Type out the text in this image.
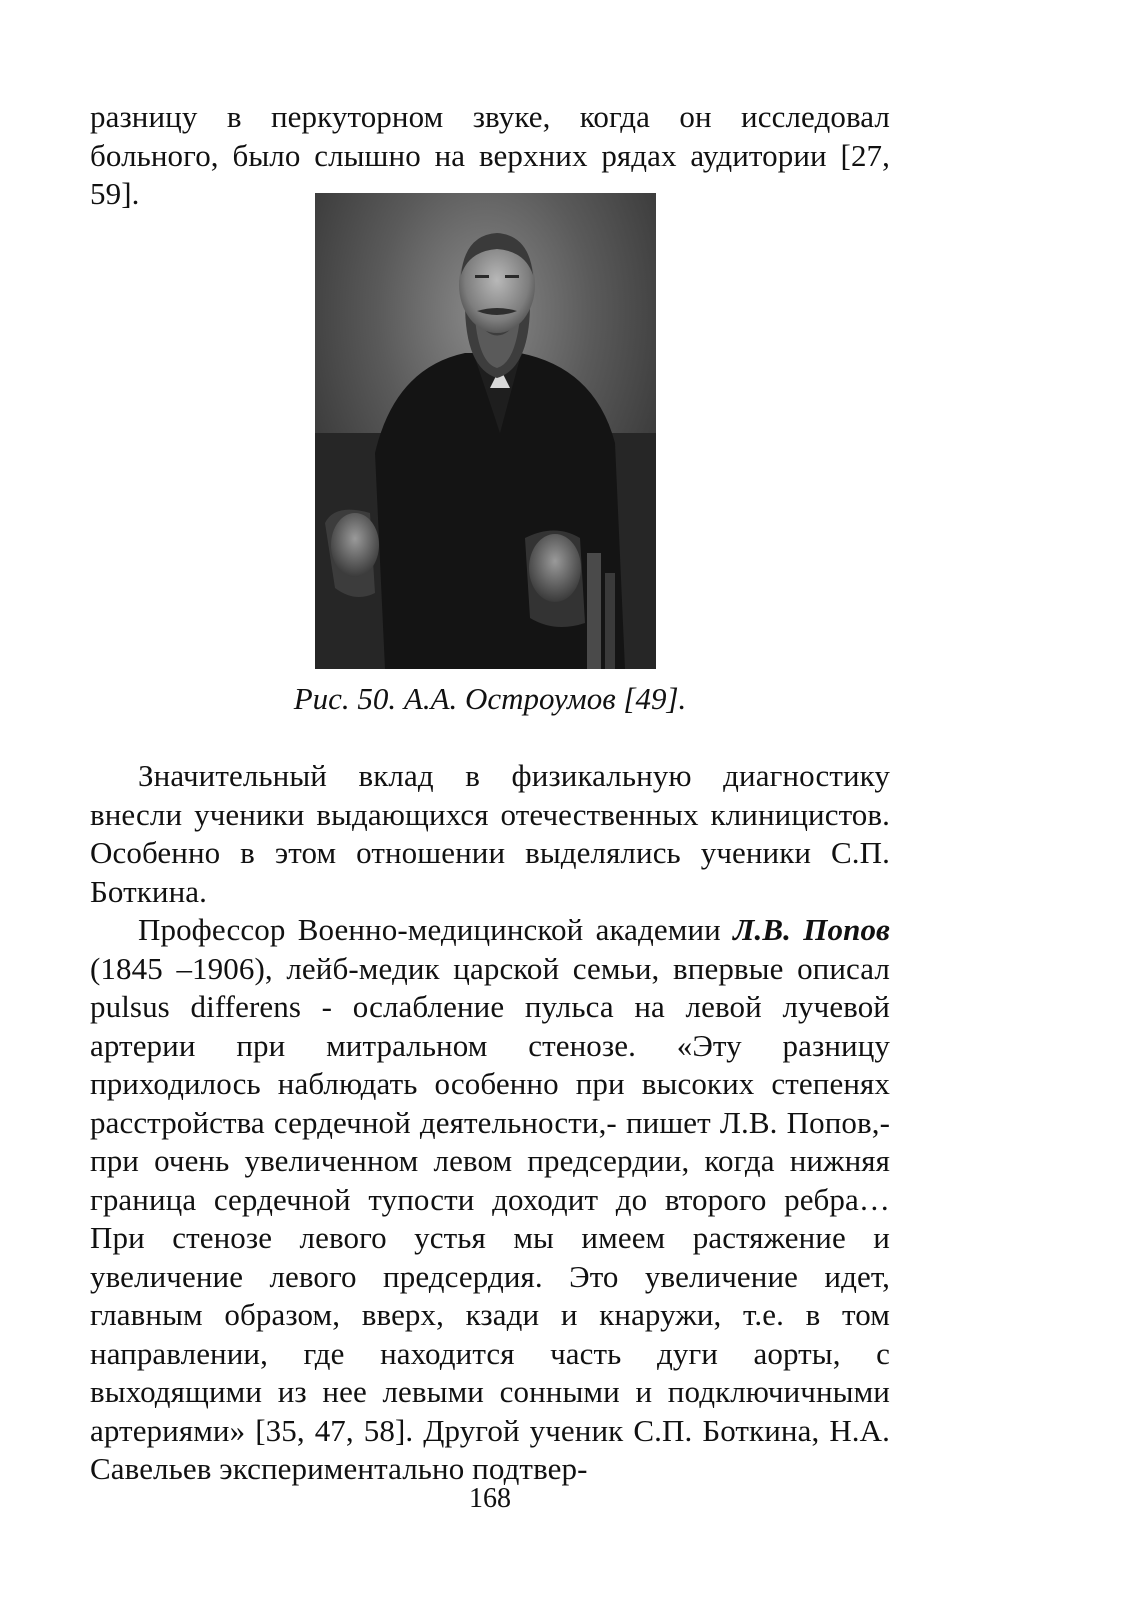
разницу в перкуторном звуке, когда он исследовал больного, было слышно на верхних рядах аудитории [27, 59].

Рис. 50. А.А. Остроумов [49].

Значительный вклад в физикальную диагностику внесли ученики выдающихся отечественных клиницистов. Особенно в этом отношении выделялись ученики С.П. Боткина.

Профессор Военно-медицинской академии Л.В. Попов (1845 –1906), лейб-медик царской семьи, впервые описал pulsus differens - ослабление пульса на левой лучевой артерии при митральном стенозе. «Эту разницу приходилось наблюдать особенно при высоких степенях расстройства сердечной деятельности,- пишет Л.В. Попов,- при очень увеличенном левом предсердии, когда нижняя граница сердечной тупости доходит до второго ребра… При стенозе левого устья мы имеем растяжение и увеличение левого предсердия. Это увеличение идет, главным образом, вверх, кзади и кнаружи, т.е. в том направлении, где находится часть дуги аорты, с выходящими из нее левыми сонными и подключичными артериями» [35, 47, 58]. Другой ученик С.П. Боткина, Н.А. Савельев экспериментально подтвер-

168
